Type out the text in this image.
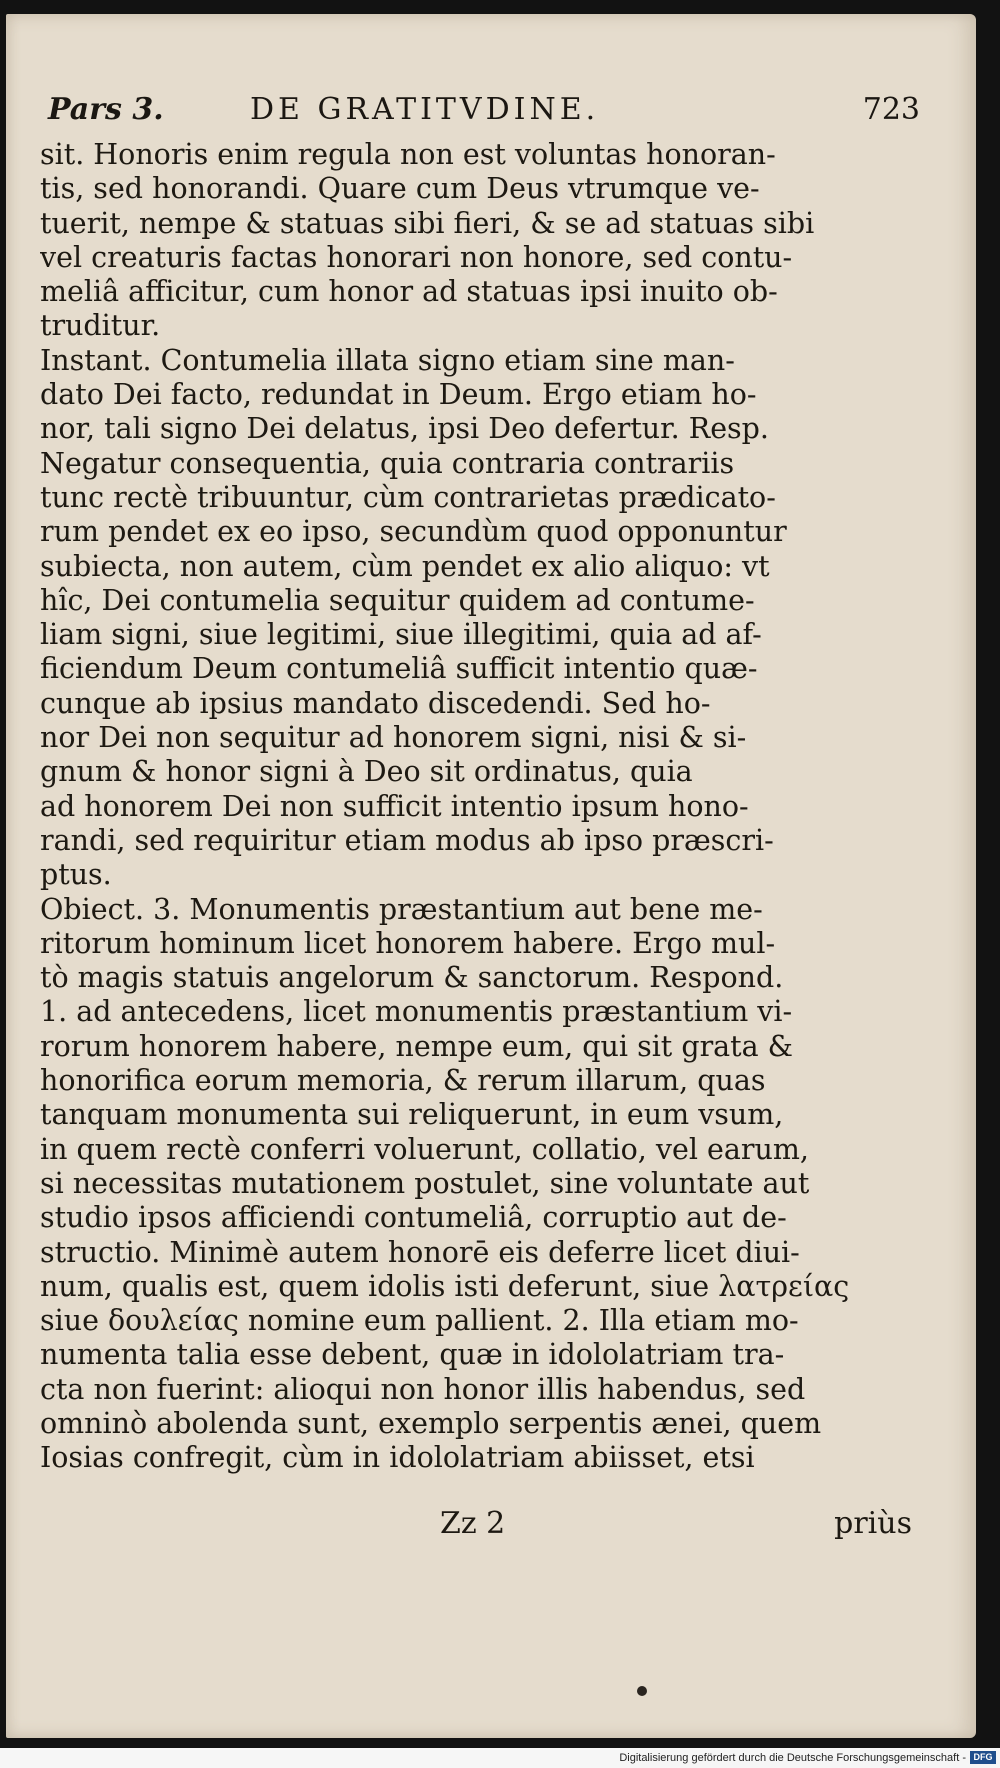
Pars 3.	DE GRATITVDINE.	723
sit. Honoris enim regula non est voluntas honoran-
tis, sed honorandi. Quare cum Deus vtrumque ve-
tuerit, nempe & statuas sibi fieri, & se ad statuas sibi
vel creaturis factas honorari non honore, sed contu-
meliâ afficitur, cum honor ad statuas ipsi inuito ob-
truditur.
Instant. Contumelia illata signo etiam sine man-
dato Dei facto, redundat in Deum. Ergo etiam ho-
nor, tali signo Dei delatus, ipsi Deo defertur. Resp.
Negatur consequentia, quia contraria contrariis
tunc rectè tribuuntur, cùm contrarietas prædicato-
rum pendet ex eo ipso, secundùm quod opponuntur
subiecta, non autem, cùm pendet ex alio aliquo: vt
hîc, Dei contumelia sequitur quidem ad contume-
liam signi, siue legitimi, siue illegitimi, quia ad af-
ficiendum Deum contumeliâ sufficit intentio quæ-
cunque ab ipsius mandato discedendi. Sed ho-
nor Dei non sequitur ad honorem signi, nisi & si-
gnum & honor signi à Deo sit ordinatus, quia
ad honorem Dei non sufficit intentio ipsum hono-
randi, sed requiritur etiam modus ab ipso præscri-
ptus.
Obiect. 3. Monumentis præstantium aut bene me-
ritorum hominum licet honorem habere. Ergo mul-
tò magis statuis angelorum & sanctorum. Respond.
1. ad antecedens, licet monumentis præstantium vi-
rorum honorem habere, nempe eum, qui sit grata &
honorifica eorum memoria, & rerum illarum, quas
tanquam monumenta sui reliquerunt, in eum vsum,
in quem rectè conferri voluerunt, collatio, vel earum,
si necessitas mutationem postulet, sine voluntate aut
studio ipsos afficiendi contumeliâ, corruptio aut de-
structio. Minimè autem honorē eis deferre licet diui-
num, qualis est, quem idolis isti deferunt, siue λατρείας
siue δουλείας nomine eum pallient. 2. Illa etiam mo-
numenta talia esse debent, quæ in idololatriam tra-
cta non fuerint: alioqui non honor illis habendus, sed
omninò abolenda sunt, exemplo serpentis ænei, quem
Iosias confregit, cùm in idololatriam abiisset, etsi
Zz 2	priùs
Digitalisierung gefördert durch die Deutsche Forschungsgemeinschaft - DFG
